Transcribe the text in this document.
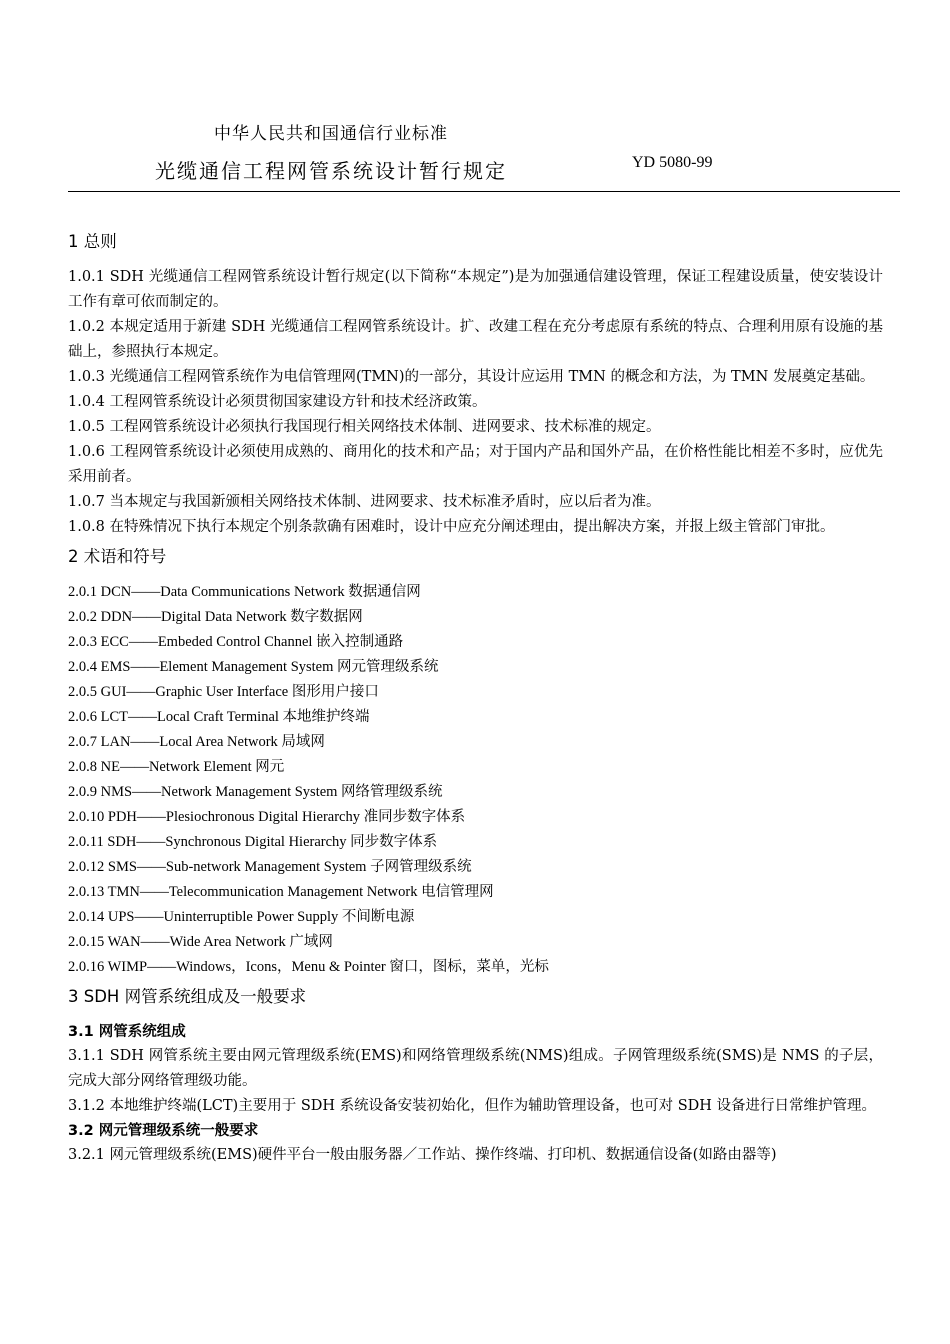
中华人民共和国通信行业标准
光缆通信工程网管系统设计暂行规定	YD 5080-99
1 总则

1.0.1 SDH 光缆通信工程网管系统设计暂行规定(以下简称“本规定”)是为加强通信建设管理，保证工程建设质量，使安装设计工作有章可依而制定的。

1.0.2 本规定适用于新建 SDH 光缆通信工程网管系统设计。扩、改建工程在充分考虑原有系统的特点、合理利用原有设施的基础上，参照执行本规定。

1.0.3 光缆通信工程网管系统作为电信管理网(TMN)的一部分，其设计应运用 TMN 的概念和方法，为 TMN 发展奠定基础。

1.0.4 工程网管系统设计必须贯彻国家建设方针和技术经济政策。

1.0.5 工程网管系统设计必须执行我国现行相关网络技术体制、进网要求、技术标准的规定。

1.0.6 工程网管系统设计必须使用成熟的、商用化的技术和产品；对于国内产品和国外产品，在价格性能比相差不多时，应优先采用前者。

1.0.7 当本规定与我国新颁相关网络技术体制、进网要求、技术标准矛盾时，应以后者为准。

1.0.8 在特殊情况下执行本规定个别条款确有困难时，设计中应充分阐述理由，提出解决方案，并报上级主管部门审批。

2 术语和符号

2.0.1 DCN——Data Communications Network 数据通信网

2.0.2 DDN——Digital Data Network 数字数据网

2.0.3 ECC——Embeded Control Channel 嵌入控制通路

2.0.4 EMS——Element Management System 网元管理级系统

2.0.5 GUI——Graphic User Interface 图形用户接口

2.0.6 LCT——Local Craft Terminal 本地维护终端

2.0.7 LAN——Local Area Network 局域网

2.0.8 NE——Network Element 网元

2.0.9 NMS——Network Management System 网络管理级系统

2.0.10 PDH——Plesiochronous Digital Hierarchy 准同步数字体系

2.0.11 SDH——Synchronous Digital Hierarchy 同步数字体系

2.0.12 SMS——Sub-network Management System 子网管理级系统

2.0.13 TMN——Telecommunication Management Network 电信管理网

2.0.14 UPS——Uninterruptible Power Supply 不间断电源

2.0.15 WAN——Wide Area Network 广域网

2.0.16 WIMP——Windows，Icons，Menu & Pointer 窗口，图标，菜单，光标

3 SDH 网管系统组成及一般要求

3.1 网管系统组成

3.1.1 SDH 网管系统主要由网元管理级系统(EMS)和网络管理级系统(NMS)组成。子网管理级系统(SMS)是 NMS 的子层，完成大部分网络管理级功能。

3.1.2 本地维护终端(LCT)主要用于 SDH 系统设备安装初始化，但作为辅助管理设备，也可对 SDH 设备进行日常维护管理。

3.2 网元管理级系统一般要求

3.2.1 网元管理级系统(EMS)硬件平台一般由服务器／工作站、操作终端、打印机、数据通信设备(如路由器等)
